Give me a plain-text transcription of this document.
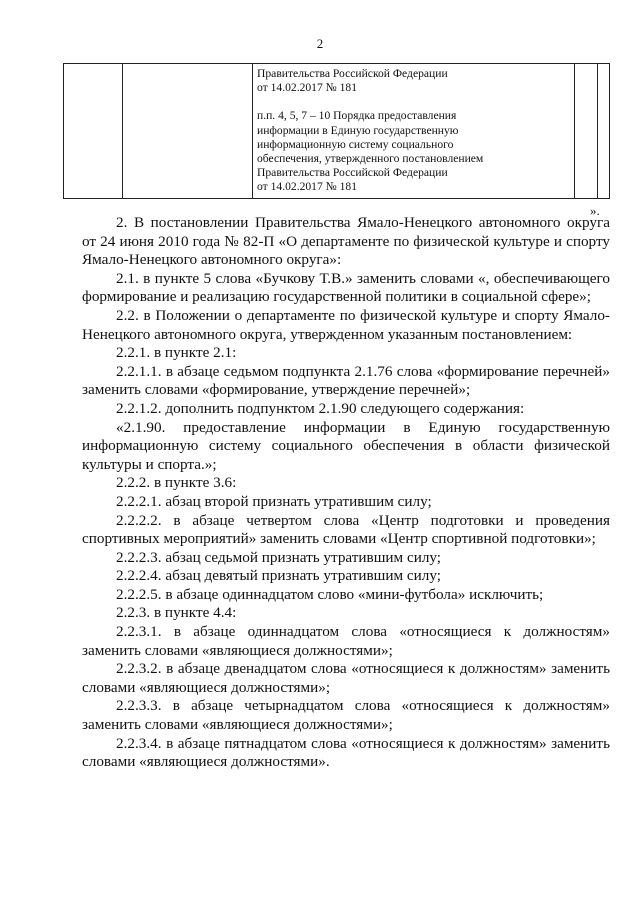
2

Правительства Российской Федерации

от 14.02.2017 № 181

п.п. 4, 5, 7 – 10 Порядка предоставления

информации в Единую государственную

информационную систему социального

обеспечения, утвержденного постановлением

Правительства Российской Федерации

от 14.02.2017 № 181

».

2. В постановлении Правительства Ямало-Ненецкого автономного округа от 24 июня 2010 года № 82-П «О департаменте по физической культуре и спорту Ямало-Ненецкого автономного округа»:

2.1. в пункте 5 слова «Бучкову Т.В.» заменить словами «, обеспечивающего формирование и реализацию государственной политики в социальной сфере»;

2.2. в Положении о департаменте по физической культуре и спорту Ямало-Ненецкого автономного округа, утвержденном указанным постановлением:

2.2.1. в пункте 2.1:

2.2.1.1. в абзаце седьмом подпункта 2.1.76 слова «формирование перечней» заменить словами «формирование, утверждение перечней»;

2.2.1.2. дополнить подпунктом 2.1.90 следующего содержания:

«2.1.90. предоставление информации в Единую государственную информационную систему социального обеспечения в области физической культуры и спорта.»;

2.2.2. в пункте 3.6:

2.2.2.1. абзац второй признать утратившим силу;

2.2.2.2. в абзаце четвертом слова «Центр подготовки и проведения спортивных мероприятий» заменить словами «Центр спортивной подготовки»;

2.2.2.3. абзац седьмой признать утратившим силу;

2.2.2.4. абзац девятый признать утратившим силу;

2.2.2.5. в абзаце одиннадцатом слово «мини-футбола» исключить;

2.2.3. в пункте 4.4:

2.2.3.1. в абзаце одиннадцатом слова «относящиеся к должностям» заменить словами «являющиеся должностями»;

2.2.3.2. в абзаце двенадцатом слова «относящиеся к должностям» заменить словами «являющиеся должностями»;

2.2.3.3. в абзаце четырнадцатом слова «относящиеся к должностям» заменить словами «являющиеся должностями»;

2.2.3.4. в абзаце пятнадцатом слова «относящиеся к должностям» заменить словами «являющиеся должностями».
